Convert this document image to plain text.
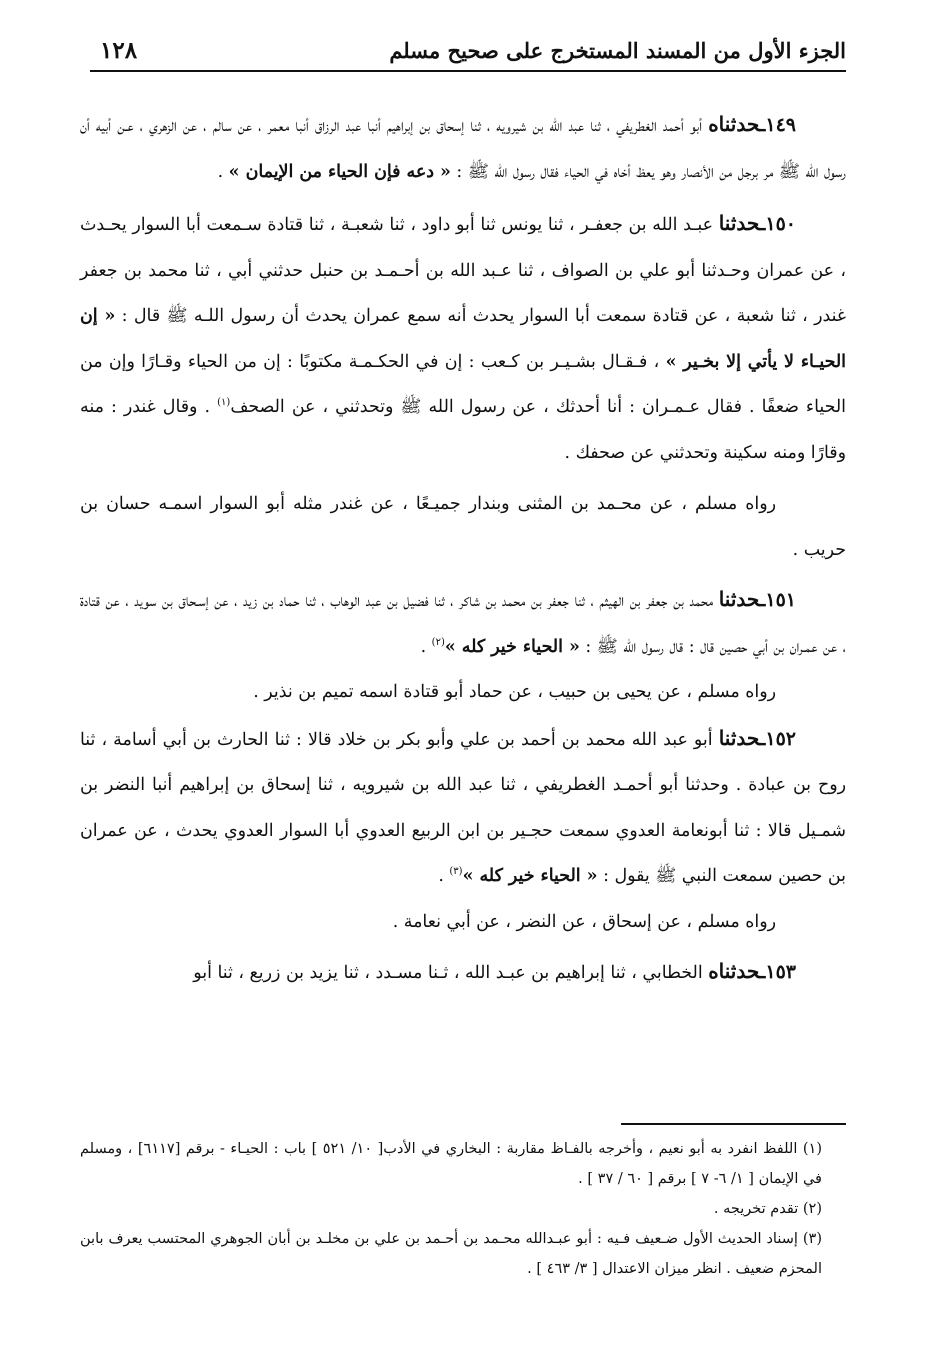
١٢٨	الجزء الأول من المسند المستخرج على صحيح مسلم

١٤٩ـحدثناه أبو أحمد الغطريفي ، ثنا عبد الله بن شيرويه ، ثنا إسحاق بن إبراهيم أنبا عبد الرزاق أنبا معمر ، عن سالم ، عن الزهري ، عـن أبيه أن رسول الله ﷺ مر برجل من الأنصار وهو يعظ أخاه في الحياء فقال رسول الله ﷺ : « دعه فإن الحياء من الإيمان » .

١٥٠ـحدثنا عبـد الله بن جعفـر ، ثنا يونس ثنا أبو داود ، ثنا شعبـة ، ثنا قتادة سـمعت أبا السوار يحـدث ، عن عمران وحـدثنا أبو علي بن الصواف ، ثنا عـبد الله بن أحـمـد بن حنبل حدثني أبي ، ثنا محمد بن جعفر غندر ، ثنا شعبة ، عن قتادة سمعت أبا السوار يحدث أنه سمع عمران يحدث أن رسول اللـه ﷺ قال : « إن الحيـاء لا يأتي إلا بخـير » ، فـقـال بشـيـر بن كـعب : إن في الحكـمـة مكتوبًا : إن من الحياء وقـارًا وإن من الحياء ضعفًا . فقال عـمـران : أنا أحدثك ، عن رسول الله ﷺ وتحدثني ، عن الصحف$^{(١)}$ . وقال غندر : منه وقارًا ومنه سكينة وتحدثني عن صحفك .

رواه مسلم ، عن محـمد بن المثنى وبندار جميـعًا ، عن غندر مثله أبو السوار اسمـه حسان بن حريب .

١٥١ـحدثنا محمد بن جعفر بن الهيثم ، ثنا جعفر بن محمد بن شاكر ، ثنا فضيل بن عبد الوهاب ، ثنا حماد بن زيد ، عن إسـحاق بن سويد ، عن قتادة ، عن عمـران بن أبي حصين قال : قال رسول الله ﷺ : « الحياء خير كله »$^{(٢)}$ .

رواه مسلم ، عن يحيى بن حبيب ، عن حماد أبو قتادة اسمه تميم بن نذير .

١٥٢ـحدثنا أبو عبد الله محمد بن أحمد بن علي وأبو بكر بن خلاد قالا : ثنا الحارث بن أبي أسامة ، ثنا روح بن عبادة . وحدثنا أبو أحمـد الغطريفي ، ثنا عبد الله بن شيرويه ، ثنا إسحاق بن إبراهيم أنبا النضر بن شمـيل قالا : ثنا أبونعامة العدوي سمعت حجـير بن ابن الربيع العدوي أبا السوار العدوي يحدث ، عن عمران بن حصين سمعت النبي ﷺ يقول : « الحياء خير كله »$^{(٣)}$ .

رواه مسلم ، عن إسحاق ، عن النضر ، عن أبي نعامة .

١٥٣ـحدثناه الخطابي ، ثنا إبراهيم بن عبـد الله ، ثـنا مسـدد ، ثنا يزيد بن زريع ، ثنا أبو

(١) اللفظ انفرد به أبو نعيم ، وأخرجه بالفـاظ مقاربة : البخاري في الأدب[ ١٠/ ٥٢١ ] باب : الحيـاء - برقم [٦١١٧] ، ومسلم في الإيمان [ ١/ ٦- ٧ ] برقم [ ٦٠ / ٣٧ ] .

(٢) تقدم تخريجه .

(٣) إسناد الحديث الأول ضـعيف فـيه : أبو عبـدالله محـمد بن أحـمد بن علي بن مخلـد بن أبان الجوهري المحتسب يعرف بابن المحزم ضعيف . انظر ميزان الاعتدال [ ٣/ ٤٦٣ ] .
